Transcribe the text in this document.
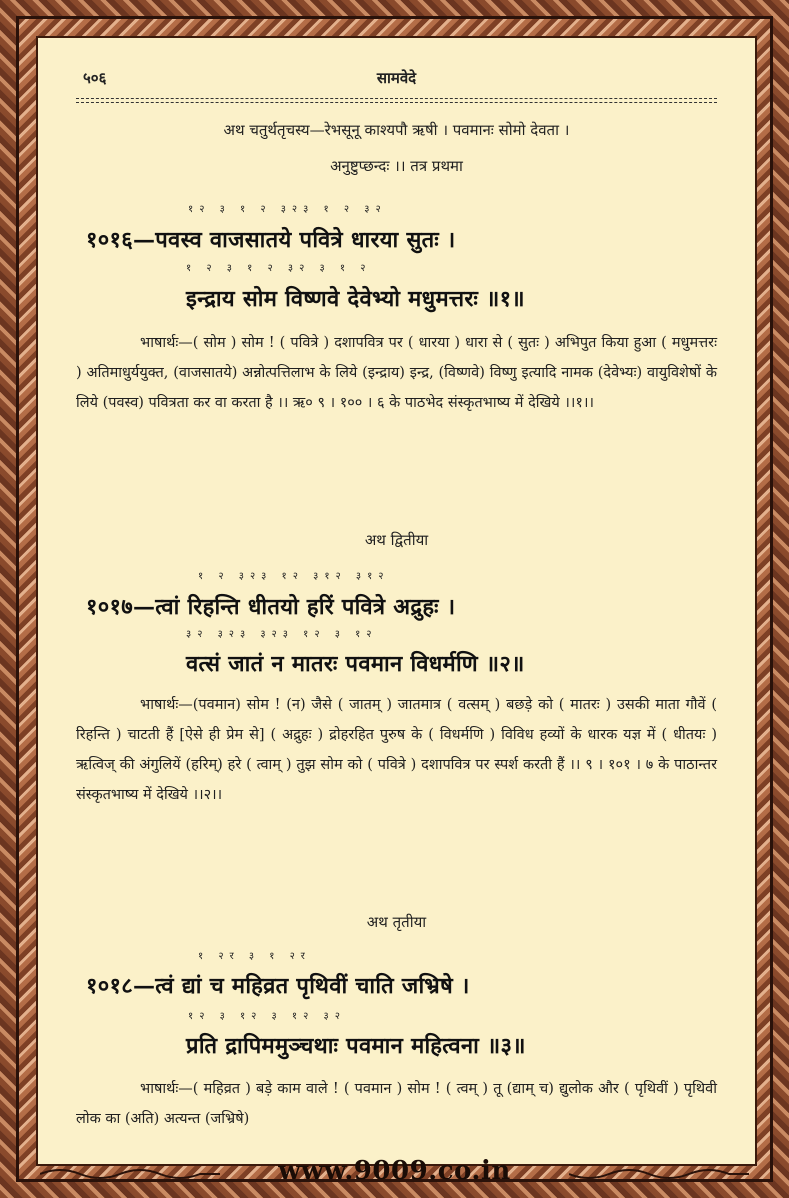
५०६	सामवेदे
अथ चतुर्थतृचस्य—रेभसूनू काश्यपौ ऋषी । पवमानः सोमो देवता ।
अनुष्टुप्छन्दः ।। तत्र प्रथमा
१२ ३ १ २ ३२३ १ २ ३२
१०१६—पवस्व वाजसातये पवित्रे धारया सुतः ।
१ २ ३ १ २ ३२ ३ १ २
इन्द्राय सोम विष्णवे देवेभ्यो मधुमत्तरः ॥१॥
भाषार्थः—( सोम ) सोम ! ( पवित्रे ) दशापवित्र पर ( धारया ) धारा से ( सुतः ) अभिपुत किया हुआ ( मधुमत्तरः ) अतिमाधुर्ययुक्त, (वाजसातये) अन्नोत्पत्तिलाभ के लिये (इन्द्राय) इन्द्र, (विष्णवे) विष्णु इत्यादि नामक (देवेभ्यः) वायुविशेषों के लिये (पवस्व) पवित्रता कर वा करता है ।। ऋ० ९ । १०० । ६ के पाठभेद संस्कृतभाष्य में देखिये ।।१।।
अथ द्वितीया
१ २ ३२३ १२ ३१२ ३१२
१०१७—त्वां रिहन्ति धीतयो हरिं पवित्रे अद्रुहः ।
३२ ३२३ ३२३ १२ ३ १२
वत्सं जातं न मातरः पवमान विधर्मणि ॥२॥
भाषार्थः—(पवमान) सोम ! (न) जैसे ( जातम् ) जातमात्र ( वत्सम् ) बछड़े को ( मातरः ) उसकी माता गौवें ( रिहन्ति ) चाटती हैं [ऐसे ही प्रेम से] ( अद्रुहः ) द्रोहरहित पुरुष के ( विधर्मणि ) विविध हव्यों के धारक यज्ञ में ( धीतयः ) ऋत्विज् की अंगुलियें (हरिम्) हरे ( त्वाम् ) तुझ सोम को ( पवित्रे ) दशापवित्र पर स्पर्श करती हैं ।। ९ । १०१ । ७ के पाठान्तर संस्कृतभाष्य में देखिये ।।२।।
अथ तृतीया
१ २र ३ १ २र
१०१८—त्वं द्यां च महिव्रत पृथिवीं चाति जभ्रिषे ।
१२ ३ १२ ३ १२ ३२
प्रति द्रापिममुञ्चथाः पवमान महित्वना ॥३॥
भाषार्थः—( महिव्रत ) बड़े काम वाले ! ( पवमान ) सोम ! ( त्वम् ) तू (द्याम् च) द्युलोक और ( पृथिवीं ) पृथिवी लोक का (अति) अत्यन्त (जभ्रिषे)
www.9009.co.in
